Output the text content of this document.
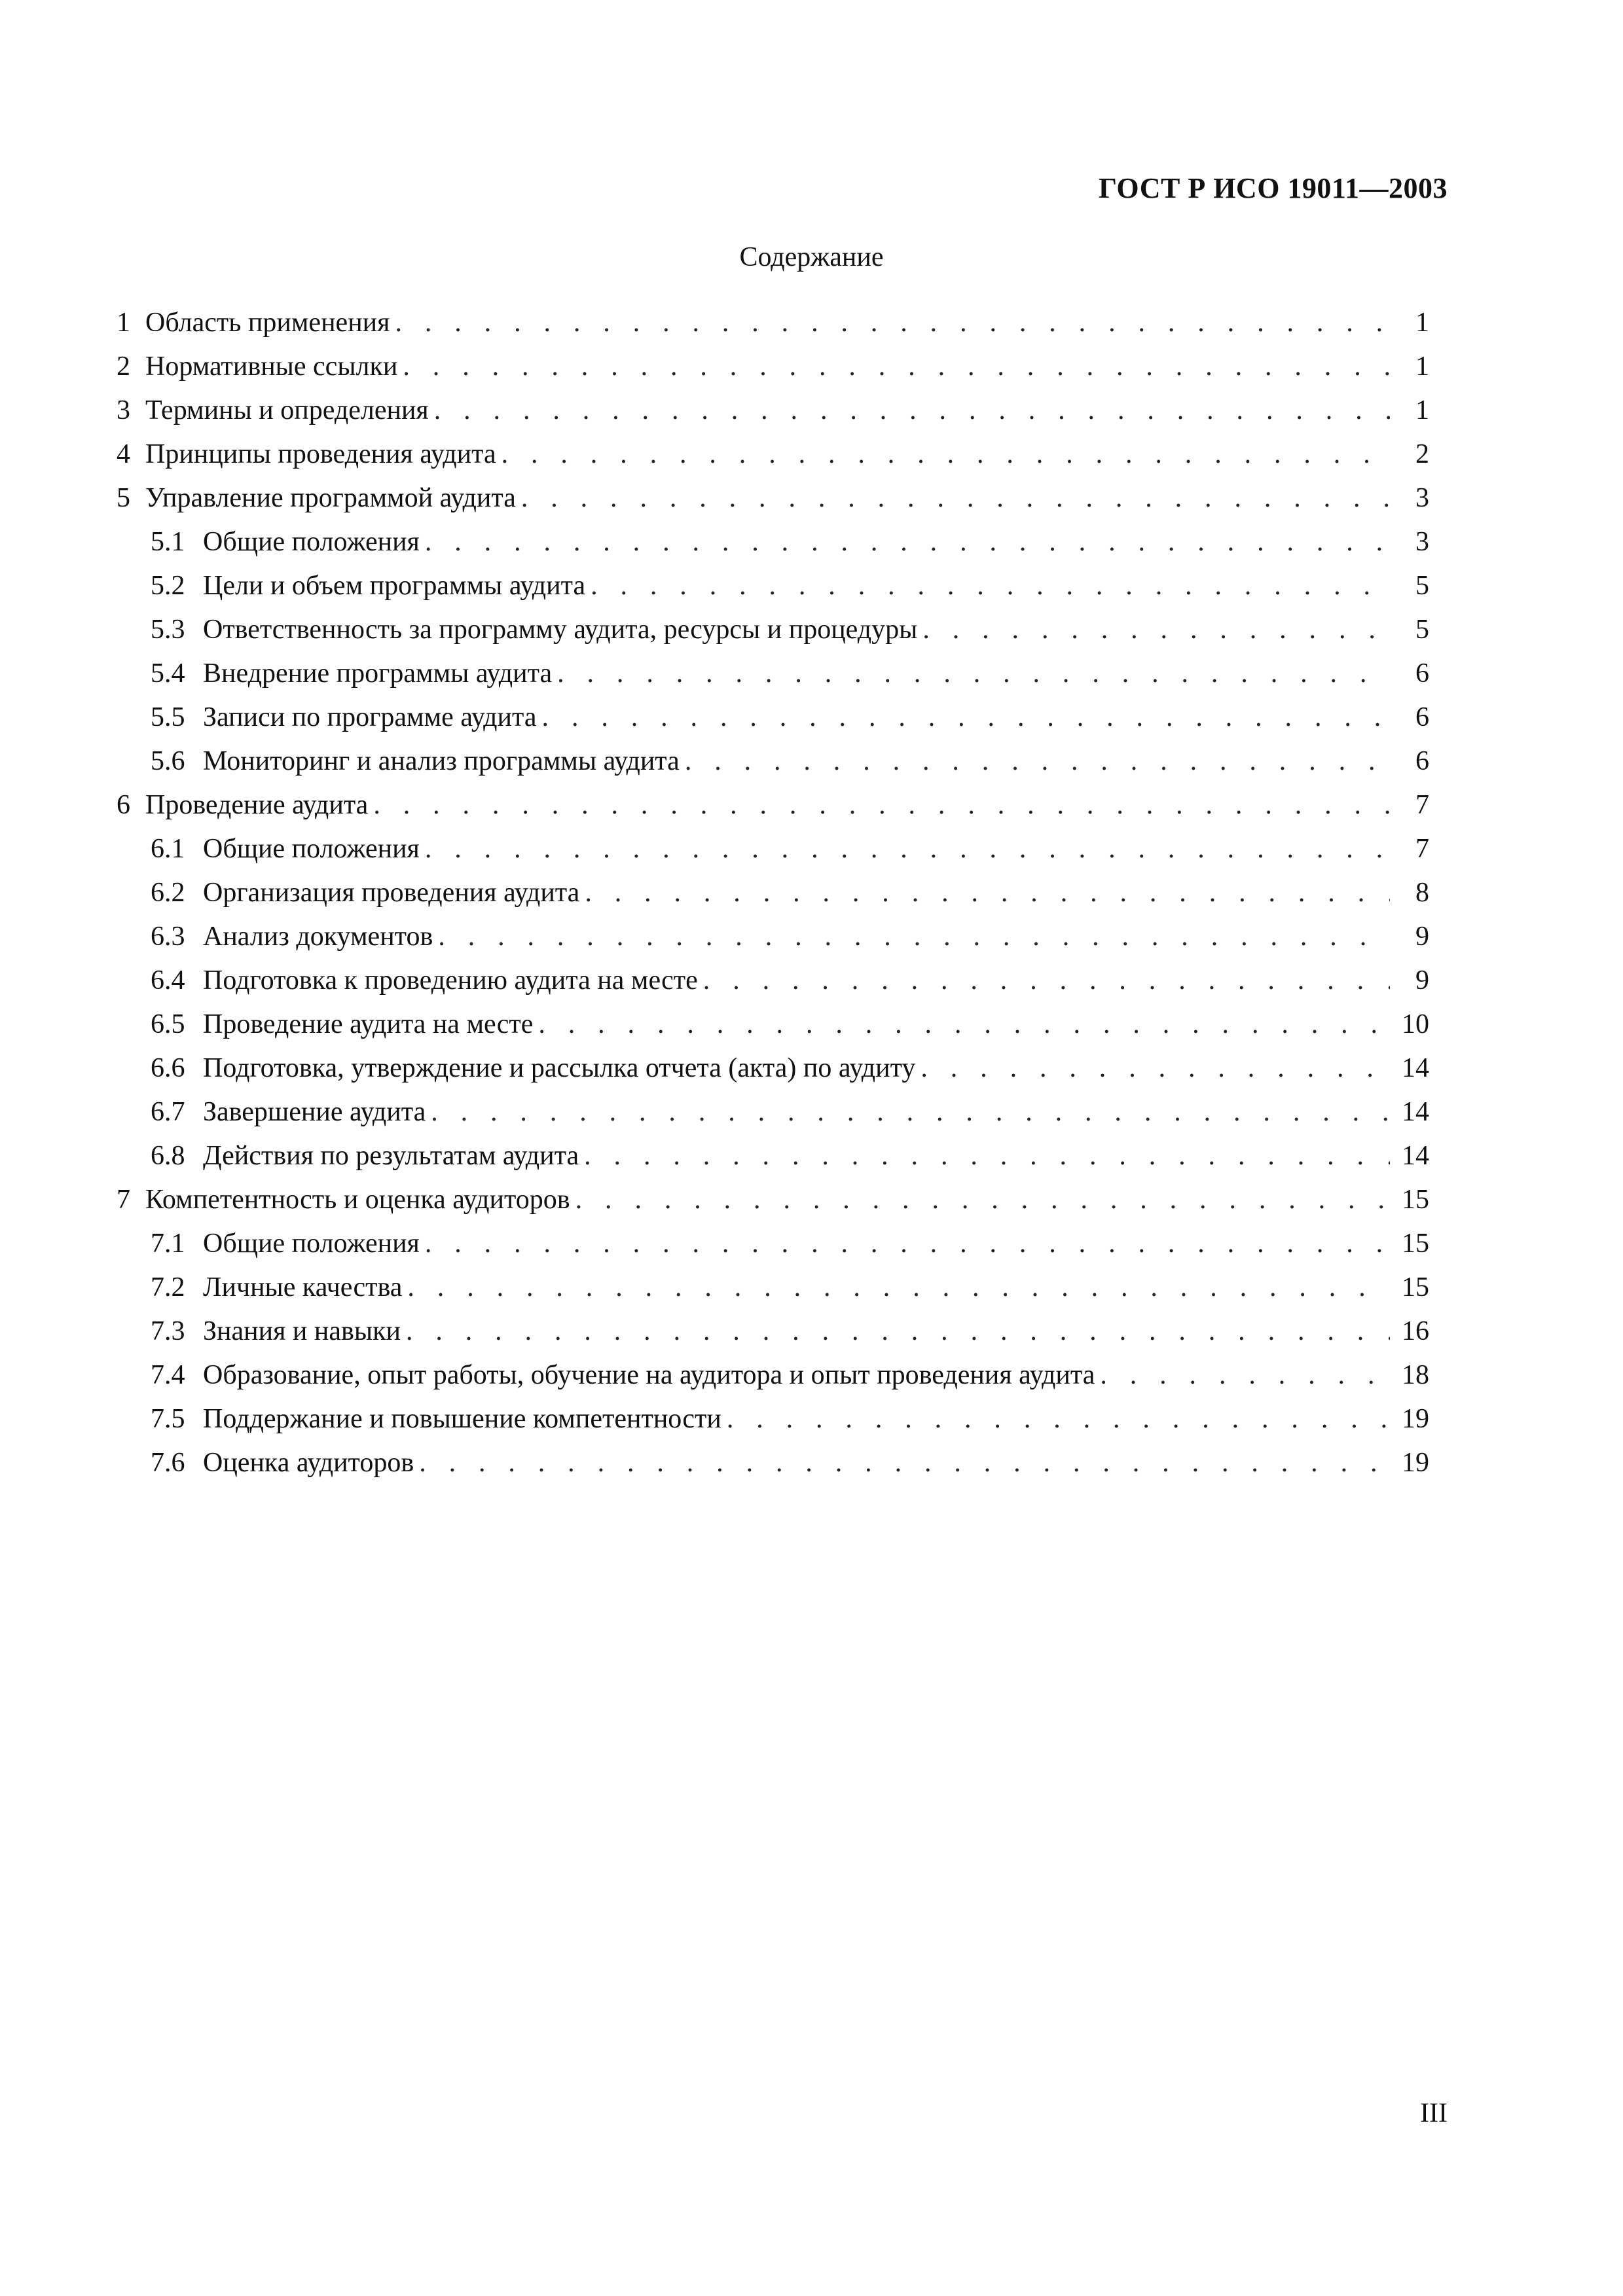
ГОСТ Р ИСО 19011—2003
Содержание
1 Область применения . . .	1
2 Нормативные ссылки . . .	1
3 Термины и определения . . .	1
4 Принципы проведения аудита . . .	2
5 Управление программой аудита . . .	3
5.1 Общие положения . . .	3
5.2 Цели и объем программы аудита . . .	5
5.3 Ответственность за программу аудита, ресурсы и процедуры . . .	5
5.4 Внедрение программы аудита . . .	6
5.5 Записи по программе аудита . . .	6
5.6 Мониторинг и анализ программы аудита . . .	6
6 Проведение аудита . . .	7
6.1 Общие положения . . .	7
6.2 Организация проведения аудита . . .	8
6.3 Анализ документов . . .	9
6.4 Подготовка к проведению аудита на месте . . .	9
6.5 Проведение аудита на месте . . .	10
6.6 Подготовка, утверждение и рассылка отчета (акта) по аудиту . . .	14
6.7 Завершение аудита . . .	14
6.8 Действия по результатам аудита . . .	14
7 Компетентность и оценка аудиторов . . .	15
7.1 Общие положения . . .	15
7.2 Личные качества . . .	15
7.3 Знания и навыки . . .	16
7.4 Образование, опыт работы, обучение на аудитора и опыт проведения аудита . . .	18
7.5 Поддержание и повышение компетентности . . .	19
7.6 Оценка аудиторов . . .	19
III
